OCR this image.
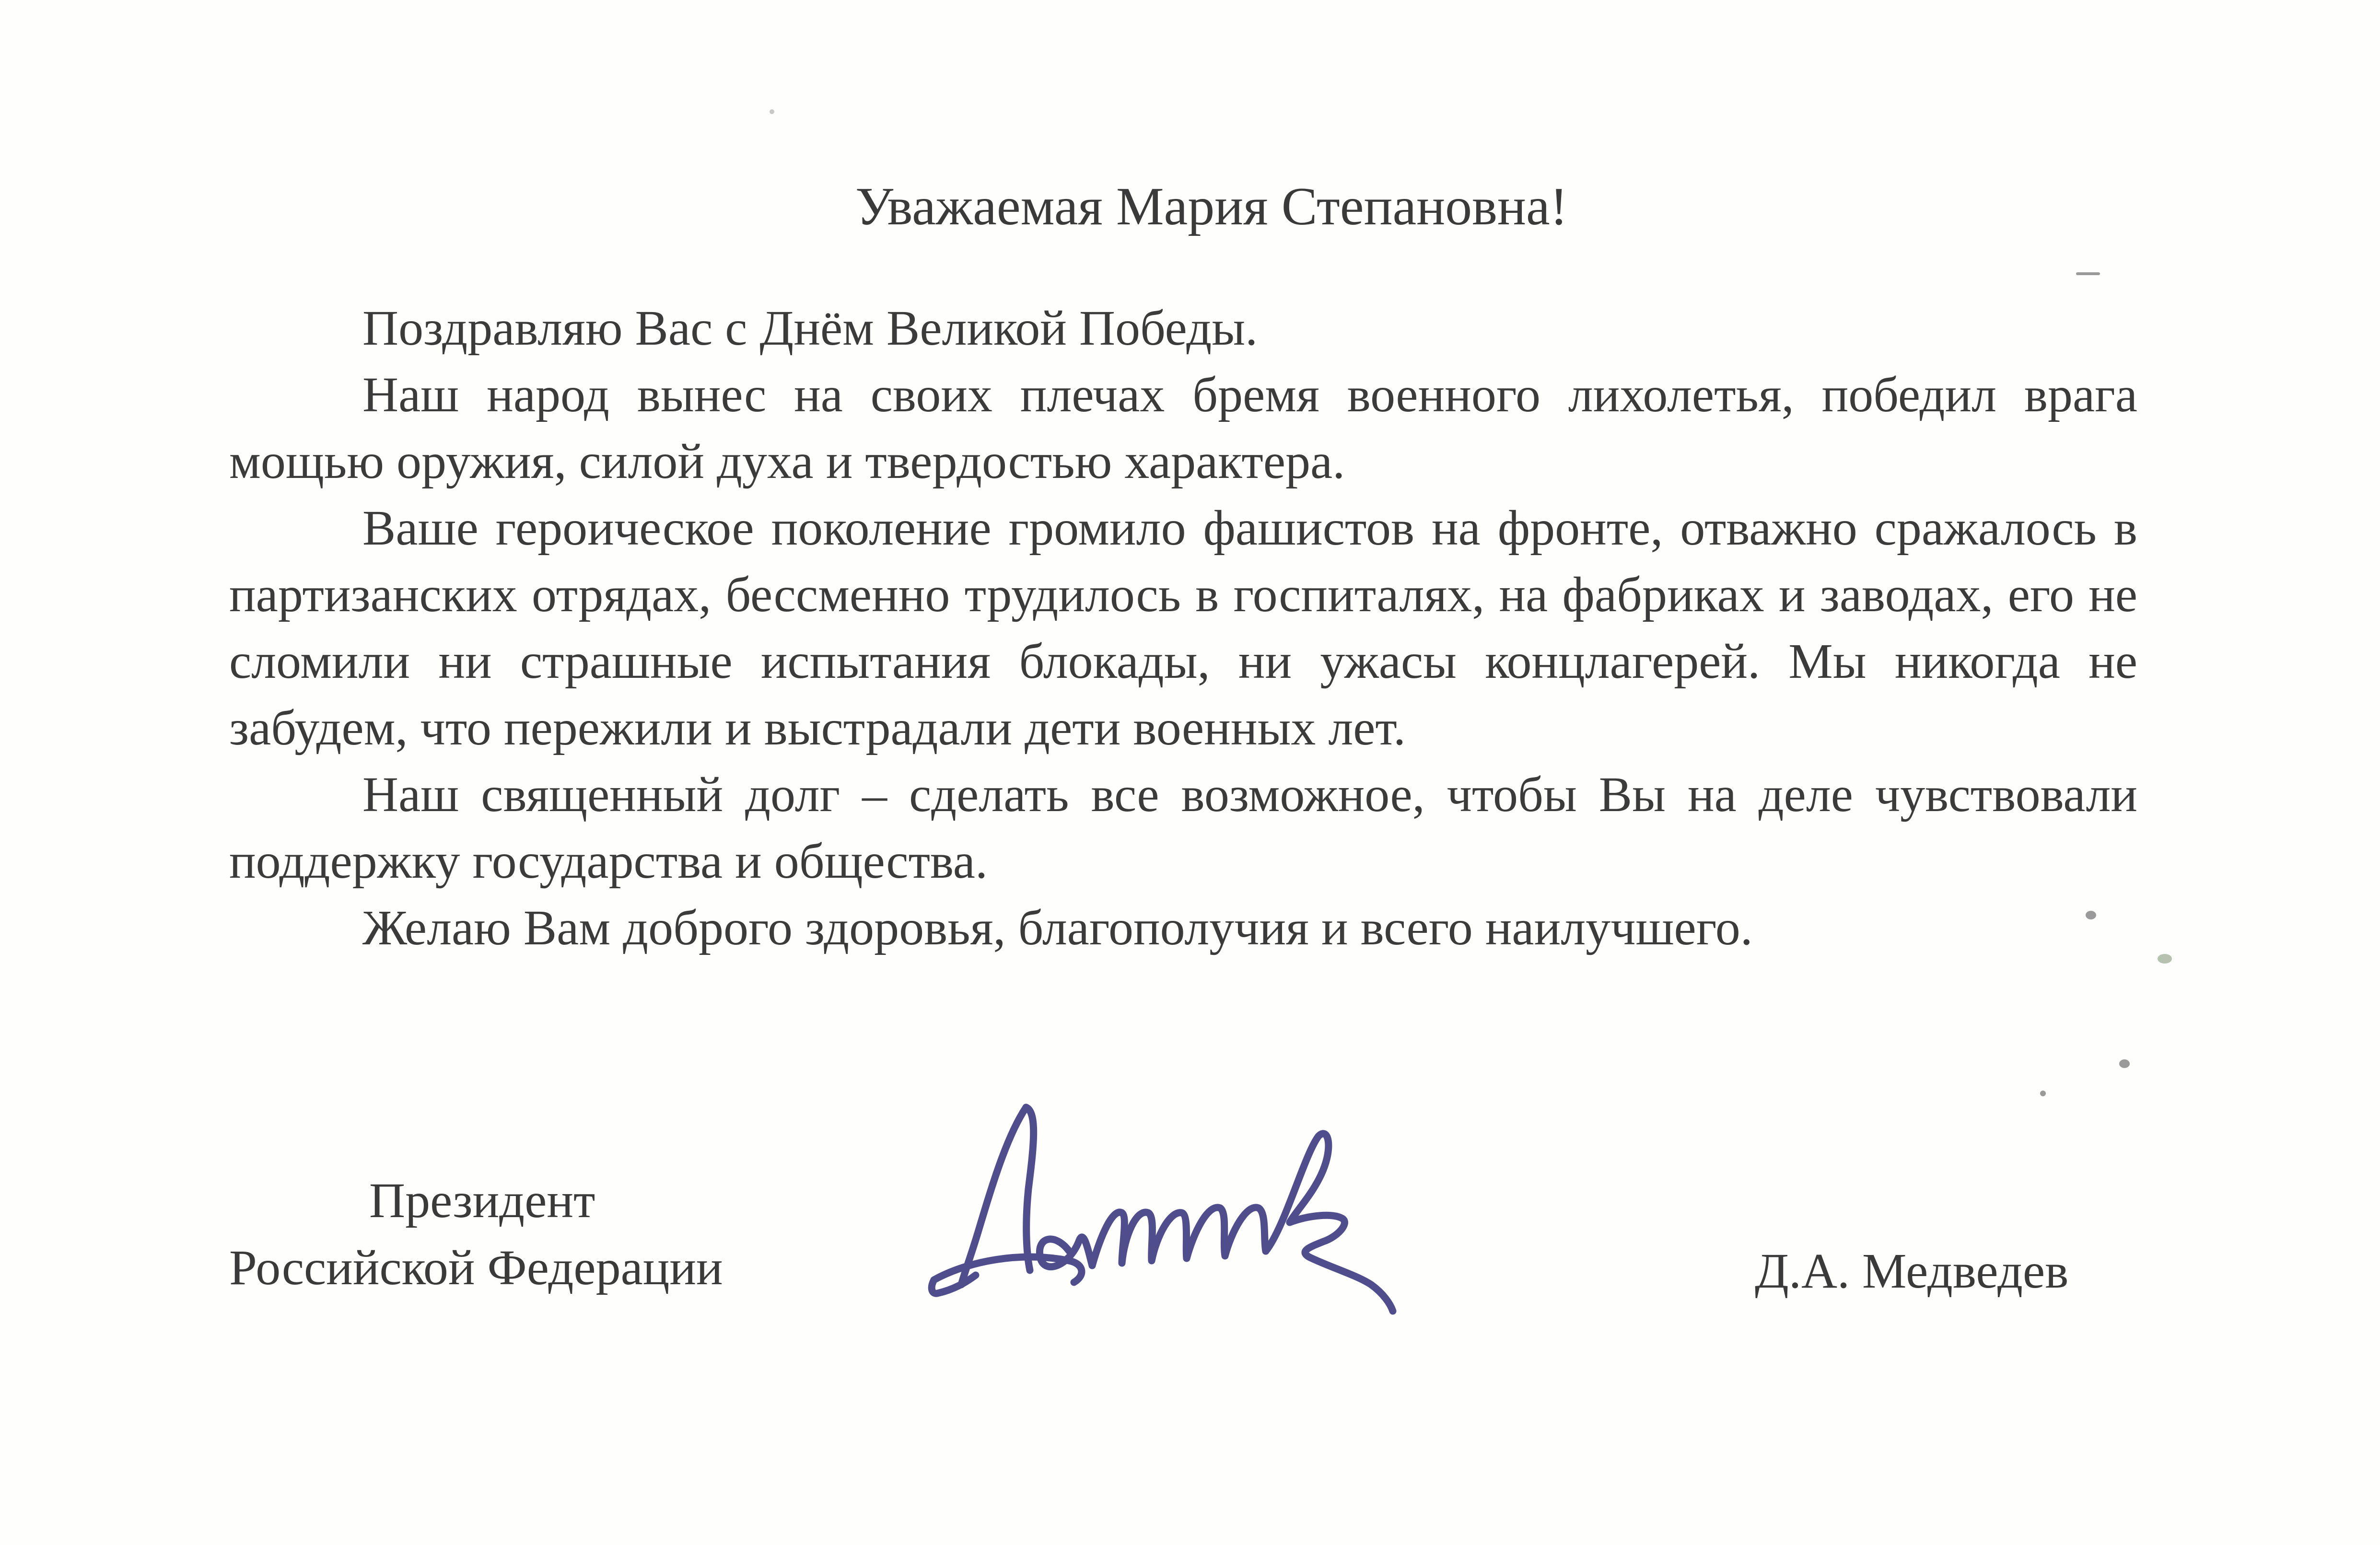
Уважаемая Мария Степановна!

Поздравляю Вас с Днём Великой Победы.

Наш народ вынес на своих плечах бремя военного лихолетья, победил врага мощью оружия, силой духа и твердостью характера.

Ваше героическое поколение громило фашистов на фронте, отважно сражалось в партизанских отрядах, бессменно трудилось в госпиталях, на фабриках и заводах, его не сломили ни страшные испытания блокады, ни ужасы концлагерей. Мы никогда не забудем, что пережили и выстрадали дети военных лет.

Наш священный долг – сделать все возможное, чтобы Вы на деле чувствовали поддержку государства и общества.

Желаю Вам доброго здоровья, благополучия и всего наилучшего.

Президент
Российской Федерации	Д.А. Медведев
